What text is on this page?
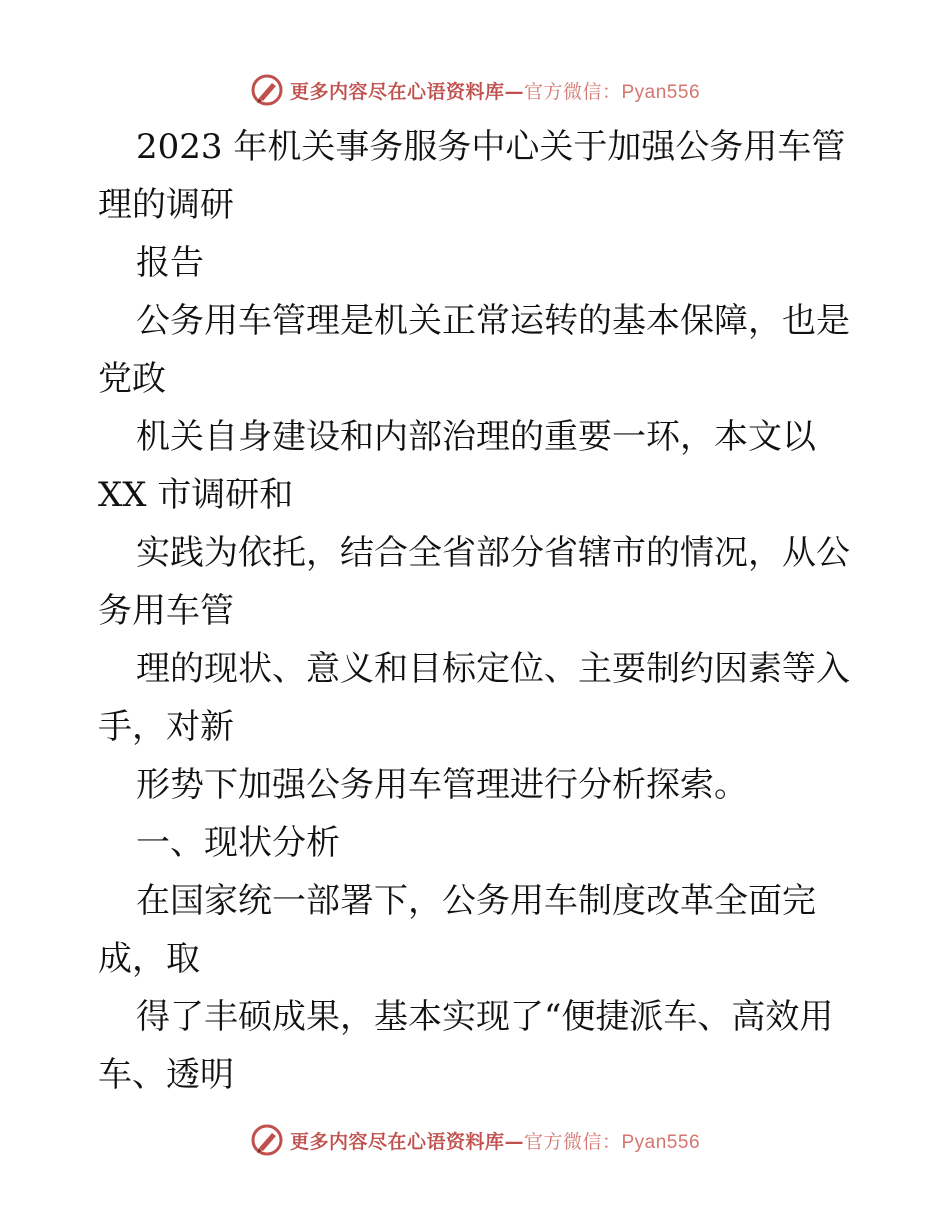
更多内容尽在心语资料库—官方微信：Pyan556
2023 年机关事务服务中心关于加强公务用车管
理的调研
报告
公务用车管理是机关正常运转的基本保障，也是
党政
机关自身建设和内部治理的重要一环，本文以
XX 市调研和
实践为依托，结合全省部分省辖市的情况，从公
务用车管
理的现状、意义和目标定位、主要制约因素等入
手，对新
形势下加强公务用车管理进行分析探索。
一、现状分析
在国家统一部署下，公务用车制度改革全面完
成，取
得了丰硕成果，基本实现了“便捷派车、高效用
车、透明
更多内容尽在心语资料库—官方微信：Pyan556
